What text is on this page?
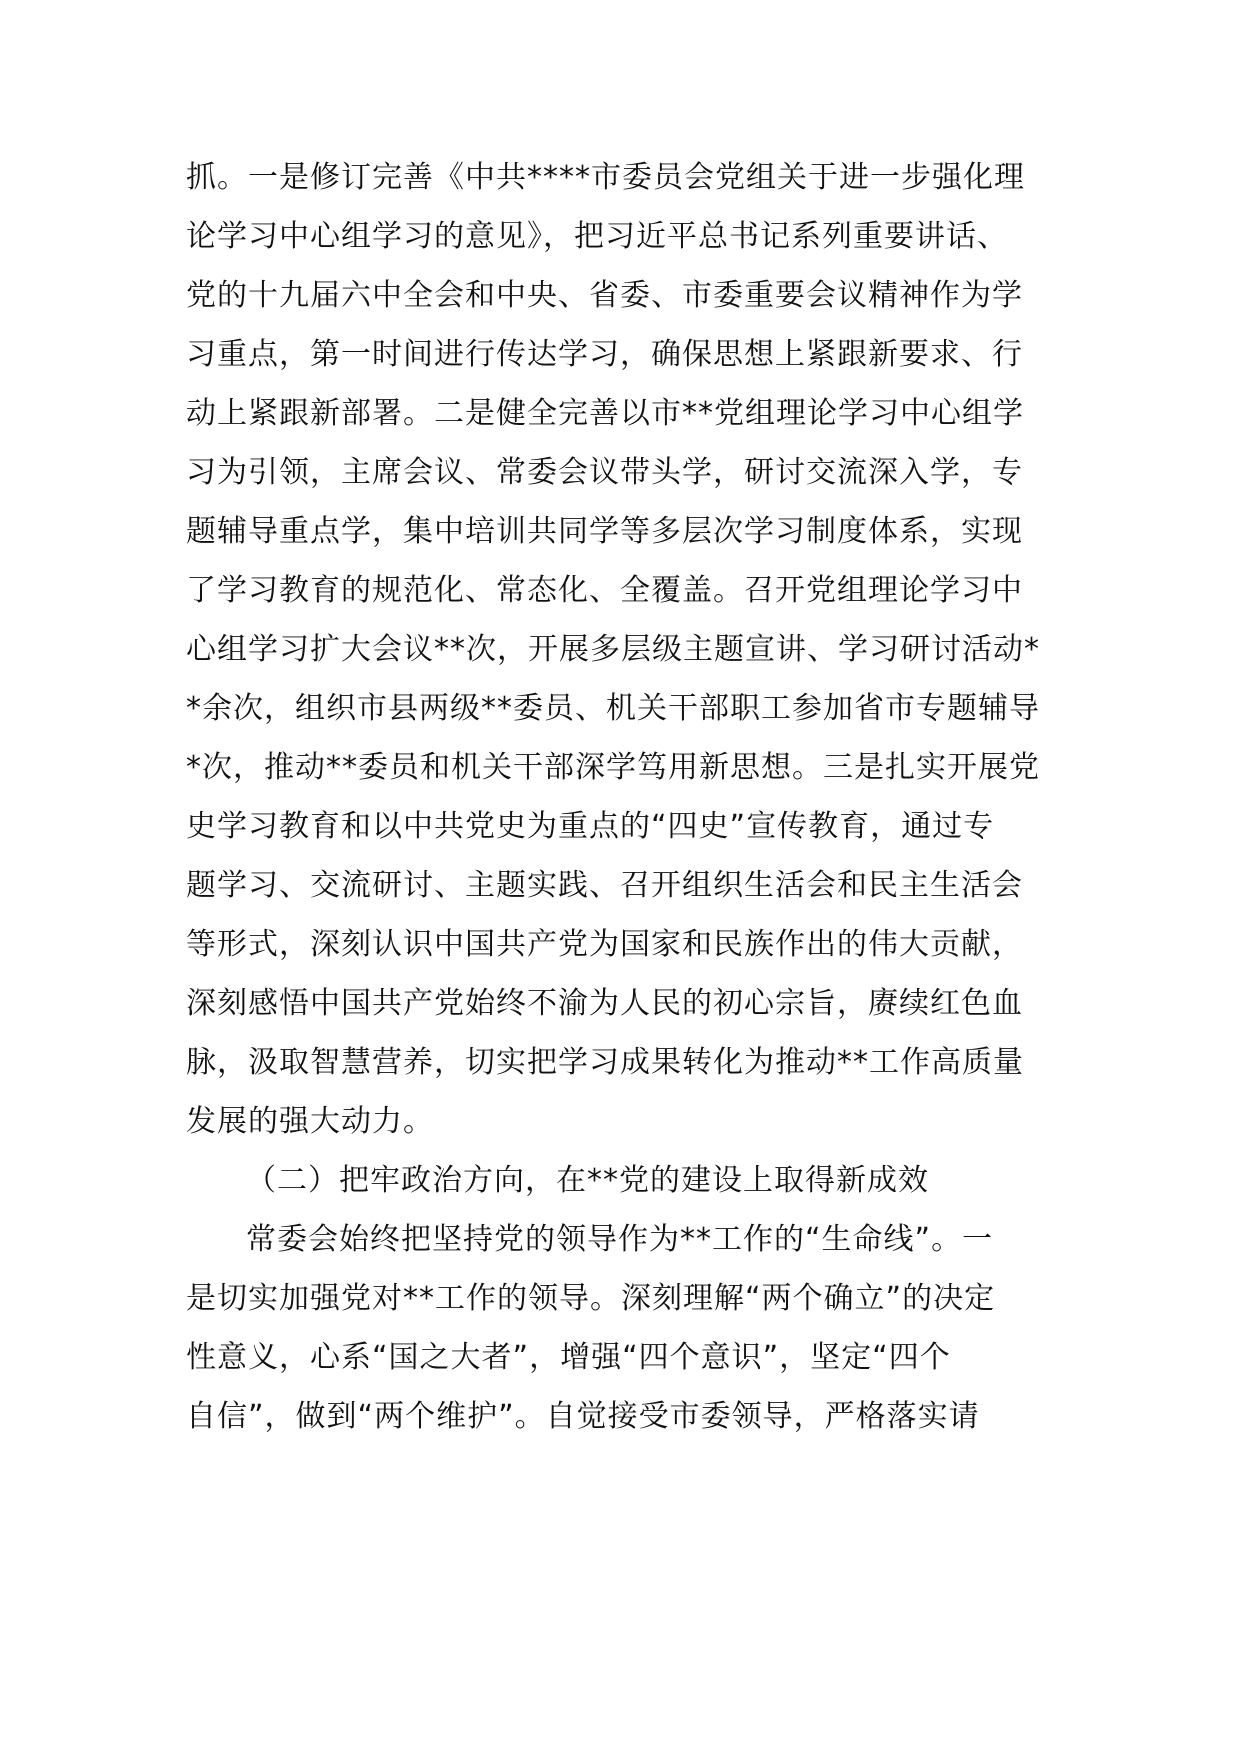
抓。一是修订完善《中共****市委员会党组关于进一步强化理
论学习中心组学习的意见》，把习近平总书记系列重要讲话、
党的十九届六中全会和中央、省委、市委重要会议精神作为学
习重点，第一时间进行传达学习，确保思想上紧跟新要求、行
动上紧跟新部署。二是健全完善以市**党组理论学习中心组学
习为引领，主席会议、常委会议带头学，研讨交流深入学，专
题辅导重点学，集中培训共同学等多层次学习制度体系，实现
了学习教育的规范化、常态化、全覆盖。召开党组理论学习中
心组学习扩大会议**次，开展多层级主题宣讲、学习研讨活动*
*余次，组织市县两级**委员、机关干部职工参加省市专题辅导
*次，推动**委员和机关干部深学笃用新思想。三是扎实开展党
史学习教育和以中共党史为重点的“四史”宣传教育，通过专
题学习、交流研讨、主题实践、召开组织生活会和民主生活会
等形式，深刻认识中国共产党为国家和民族作出的伟大贡献，
深刻感悟中国共产党始终不渝为人民的初心宗旨，赓续红色血
脉，汲取智慧营养，切实把学习成果转化为推动**工作高质量
发展的强大动力。
（二）把牢政治方向，在**党的建设上取得新成效
常委会始终把坚持党的领导作为**工作的“生命线”。一
是切实加强党对**工作的领导。深刻理解“两个确立”的决定
性意义，心系“国之大者”，增强“四个意识”，坚定“四个
自信”，做到“两个维护”。自觉接受市委领导，严格落实请
